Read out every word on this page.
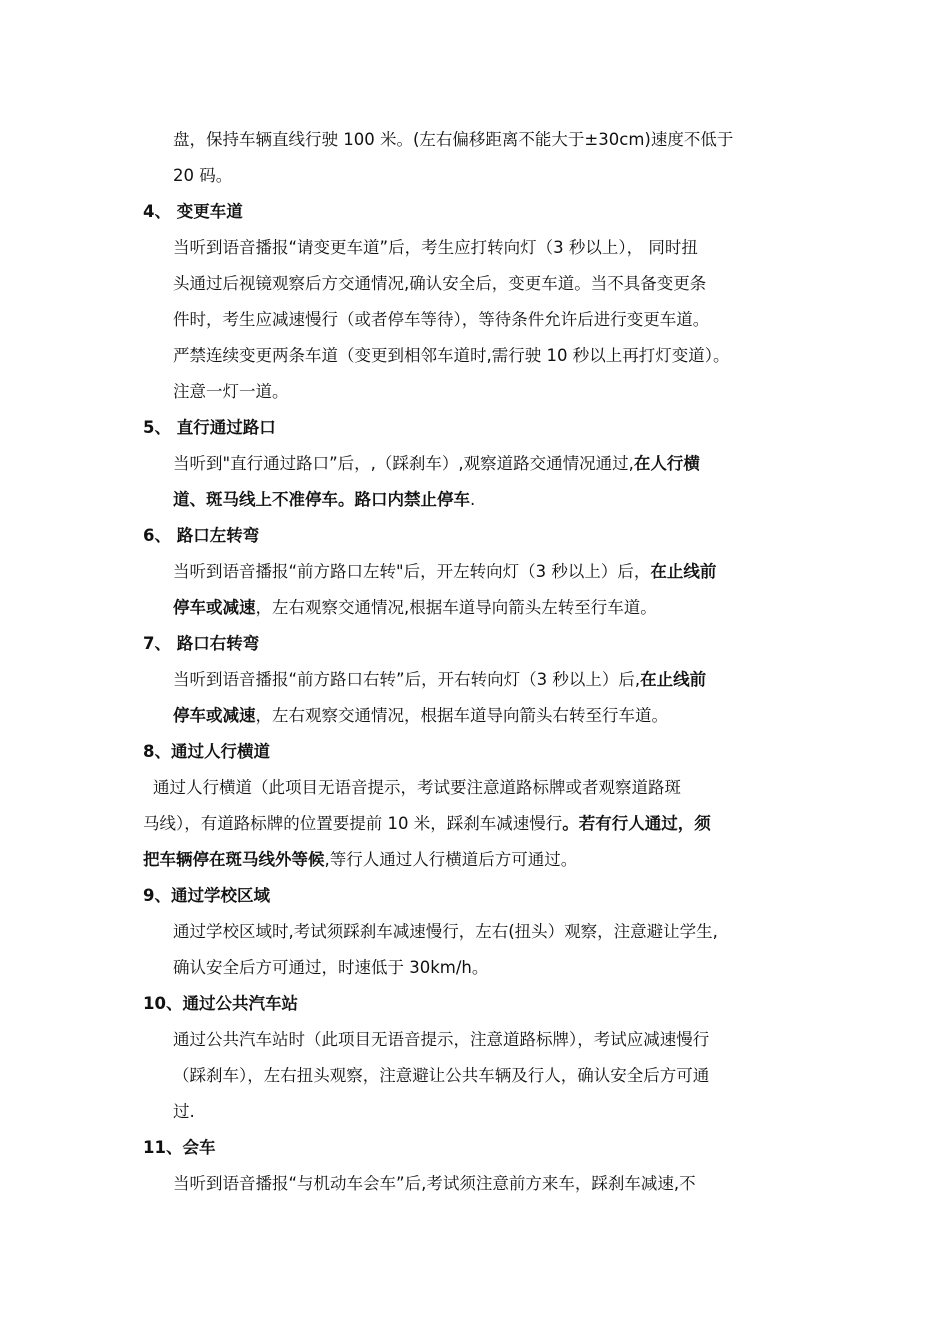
盘，保持车辆直线行驶 100 米。(左右偏移距离不能大于±30cm)速度不低于
20 码。
4、 变更车道
当听到语音播报“请变更车道”后，考生应打转向灯（3 秒以上）， 同时扭
头通过后视镜观察后方交通情况,确认安全后，变更车道。当不具备变更条
件时，考生应减速慢行（或者停车等待），等待条件允许后进行变更车道。
严禁连续变更两条车道（变更到相邻车道时,需行驶 10 秒以上再打灯变道）。
注意一灯一道。
5、 直行通过路口
当听到"直行通过路口”后，,（踩刹车）,观察道路交通情况通过,在人行横
道、斑马线上不准停车。路口内禁止停车.
6、 路口左转弯
当听到语音播报“前方路口左转"后，开左转向灯（3 秒以上）后，在止线前
停车或减速，左右观察交通情况,根据车道导向箭头左转至行车道。
7、 路口右转弯
当听到语音播报“前方路口右转”后，开右转向灯（3 秒以上）后,在止线前
停车或减速，左右观察交通情况，根据车道导向箭头右转至行车道。
8、通过人行横道
通过人行横道（此项目无语音提示，考试要注意道路标牌或者观察道路斑
马线），有道路标牌的位置要提前 10 米，踩刹车减速慢行。若有行人通过，须
把车辆停在斑马线外等候,等行人通过人行横道后方可通过。
9、通过学校区域
通过学校区域时,考试须踩刹车减速慢行，左右(扭头）观察，注意避让学生,
确认安全后方可通过，时速低于 30km/h。
10、通过公共汽车站
通过公共汽车站时（此项目无语音提示，注意道路标牌），考试应减速慢行
（踩刹车），左右扭头观察，注意避让公共车辆及行人，确认安全后方可通
过.
11、会车
当听到语音播报“与机动车会车”后,考试须注意前方来车，踩刹车减速,不
